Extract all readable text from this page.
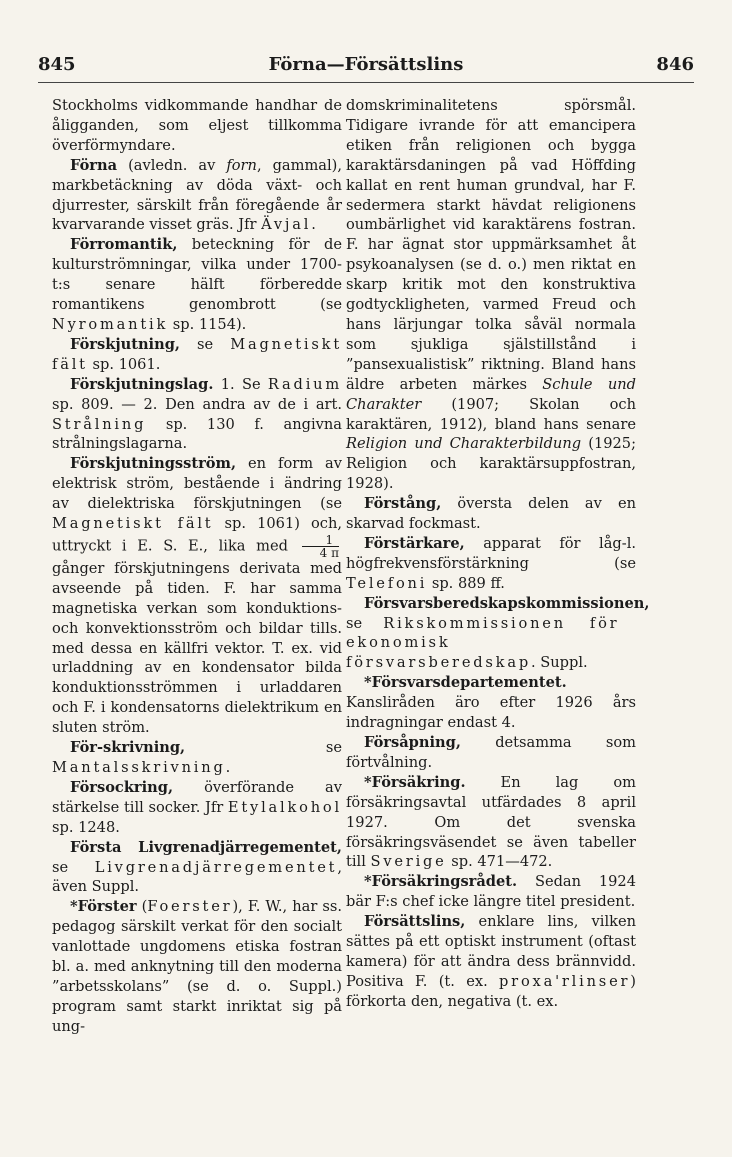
845	Förna—Försättslins	846

Stockholms vidkommande handhar de åligganden, som eljest tillkomma överförmyndare.

Förna (avledn. av forn, gammal), markbetäckning av döda växt- och djurrester, särskilt från föregående år kvarvarande visset gräs. Jfr Ävjal.

Förromantik, beteckning för de kulturströmningar, vilka under 1700-t:s senare hälft förberedde romantikens genombrott (se Nyromantik sp. 1154).

Förskjutning, se Magnetiskt fält sp. 1061.

Förskjutningslag. 1. Se Radium sp. 809. — 2. Den andra av de i art. Strålning sp. 130 f. angivna strålningslagarna.

Förskjutningsström, en form av elektrisk ström, bestående i ändring av dielektriska förskjutningen (se Magnetiskt fält sp. 1061) och, uttryckt i E. S. E., lika med $\frac{1}{4 \pi}$
gånger förskjutningens derivata med avseende på tiden. F. har samma magnetiska verkan som konduktions- och konvektionsström och bildar tills. med dessa en källfri vektor. T. ex. vid urladdning av en kondensator bilda konduktionsströmmen i urladdaren och F. i kondensatorns dielektrikum en sluten ström.

För-skrivning, se Mantalsskrivning.

Försockring, överförande av stärkelse till socker. Jfr Etylalkohol sp. 1248.

Första Livgrenadjärregementet, se Livgrenadjärregementet, även Suppl.

*Förster (Foerster), F. W., har ss. pedagog särskilt verkat för den socialt vanlottade ungdomens etiska fostran bl. a. med anknytning till den moderna ”arbetsskolans” (se d. o. Suppl.) program samt starkt inriktat sig på ung-

domskriminalitetens spörsmål. Tidigare ivrande för att emancipera etiken från religionen och bygga karaktärsdaningen på vad Höffding kallat en rent human grundval, har F. sedermera starkt hävdat religionens oumbärlighet vid karaktärens fostran. F. har ägnat stor uppmärksamhet åt psykoanalysen (se d. o.) men riktat en skarp kritik mot den konstruktiva godtyckligheten, varmed Freud och hans lärjungar tolka såväl normala som sjukliga själstillstånd i ”pansexualistisk” riktning. Bland hans äldre arbeten märkes Schule und Charakter (1907; Skolan och karaktären, 1912), bland hans senare Religion und Charakterbildung (1925; Religion och karaktärsuppfostran, 1928).

Förstång, översta delen av en skarvad fockmast.

Förstärkare, apparat för låg-l. högfrekvensförstärkning (se Telefoni sp. 889 ff.

Försvarsberedskapskommissionen, se Rikskommissionen för ekonomisk försvarsberedskap. Suppl.

*Försvarsdepartementet. Kansliråden äro efter 1926 års indragningar endast 4.

Försåpning, detsamma som förtvålning.

*Försäkring. En lag om försäkringsavtal utfärdades 8 april 1927. Om det svenska försäkringsväsendet se även tabeller till Sverige sp. 471—472.

*Försäkringsrådet. Sedan 1924 bär F:s chef icke längre titel president.

Försättslins, enklare lins, vilken sättes på ett optiskt instrument (oftast kamera) för att ändra dess brännvidd. Positiva F. (t. ex. proxa'rlinser) förkorta den, negativa (t. ex.
